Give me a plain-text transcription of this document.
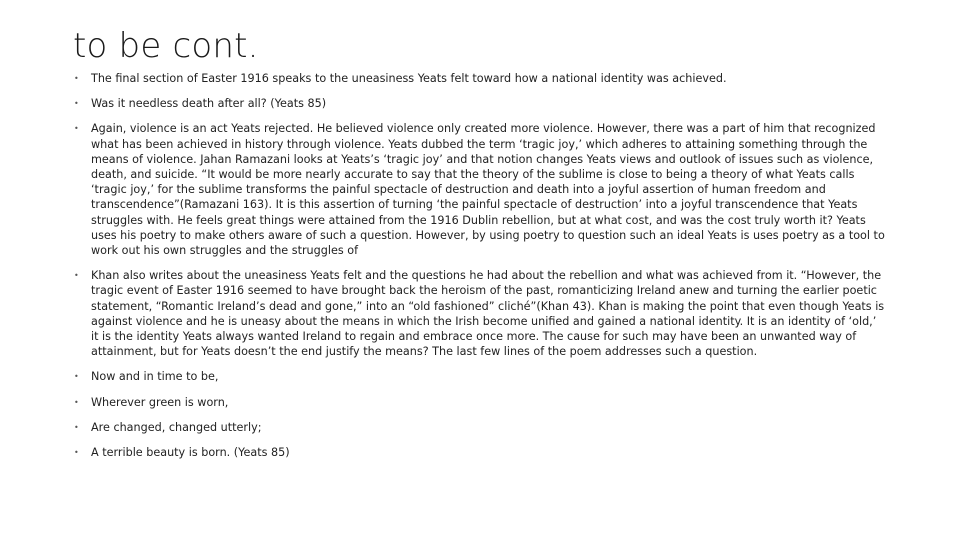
to be cont.
• The final section of Easter 1916 speaks to the uneasiness Yeats felt toward how a national identity was achieved.
• Was it needless death after all? (Yeats 85)
• Again, violence is an act Yeats rejected. He believed violence only created more violence. However, there was a part of him that recognized what has been achieved in history through violence. Yeats dubbed the term ‘tragic joy,’ which adheres to attaining something through the means of violence. Jahan Ramazani looks at Yeats’s ‘tragic joy’ and that notion changes Yeats views and outlook of issues such as violence, death, and suicide. “It would be more nearly accurate to say that the theory of the sublime is close to being a theory of what Yeats calls ‘tragic joy,’ for the sublime transforms the painful spectacle of destruction and death into a joyful assertion of human freedom and transcendence”(Ramazani 163). It is this assertion of turning ‘the painful spectacle of destruction’ into a joyful transcendence that Yeats struggles with. He feels great things were attained from the 1916 Dublin rebellion, but at what cost, and was the cost truly worth it? Yeats uses his poetry to make others aware of such a question. However, by using poetry to question such an ideal Yeats is uses poetry as a tool to work out his own struggles and the struggles of
• Khan also writes about the uneasiness Yeats felt and the questions he had about the rebellion and what was achieved from it. “However, the tragic event of Easter 1916 seemed to have brought back the heroism of the past, romanticizing Ireland anew and turning the earlier poetic statement, “Romantic Ireland’s dead and gone,” into an “old fashioned” cliché”(Khan 43). Khan is making the point that even though Yeats is against violence and he is uneasy about the means in which the Irish become unified and gained a national identity. It is an identity of ‘old,’ it is the identity Yeats always wanted Ireland to regain and embrace once more. The cause for such may have been an unwanted way of attainment, but for Yeats doesn’t the end justify the means? The last few lines of the poem addresses such a question.
• Now and in time to be,
• Wherever green is worn,
• Are changed, changed utterly;
• A terrible beauty is born. (Yeats 85)
